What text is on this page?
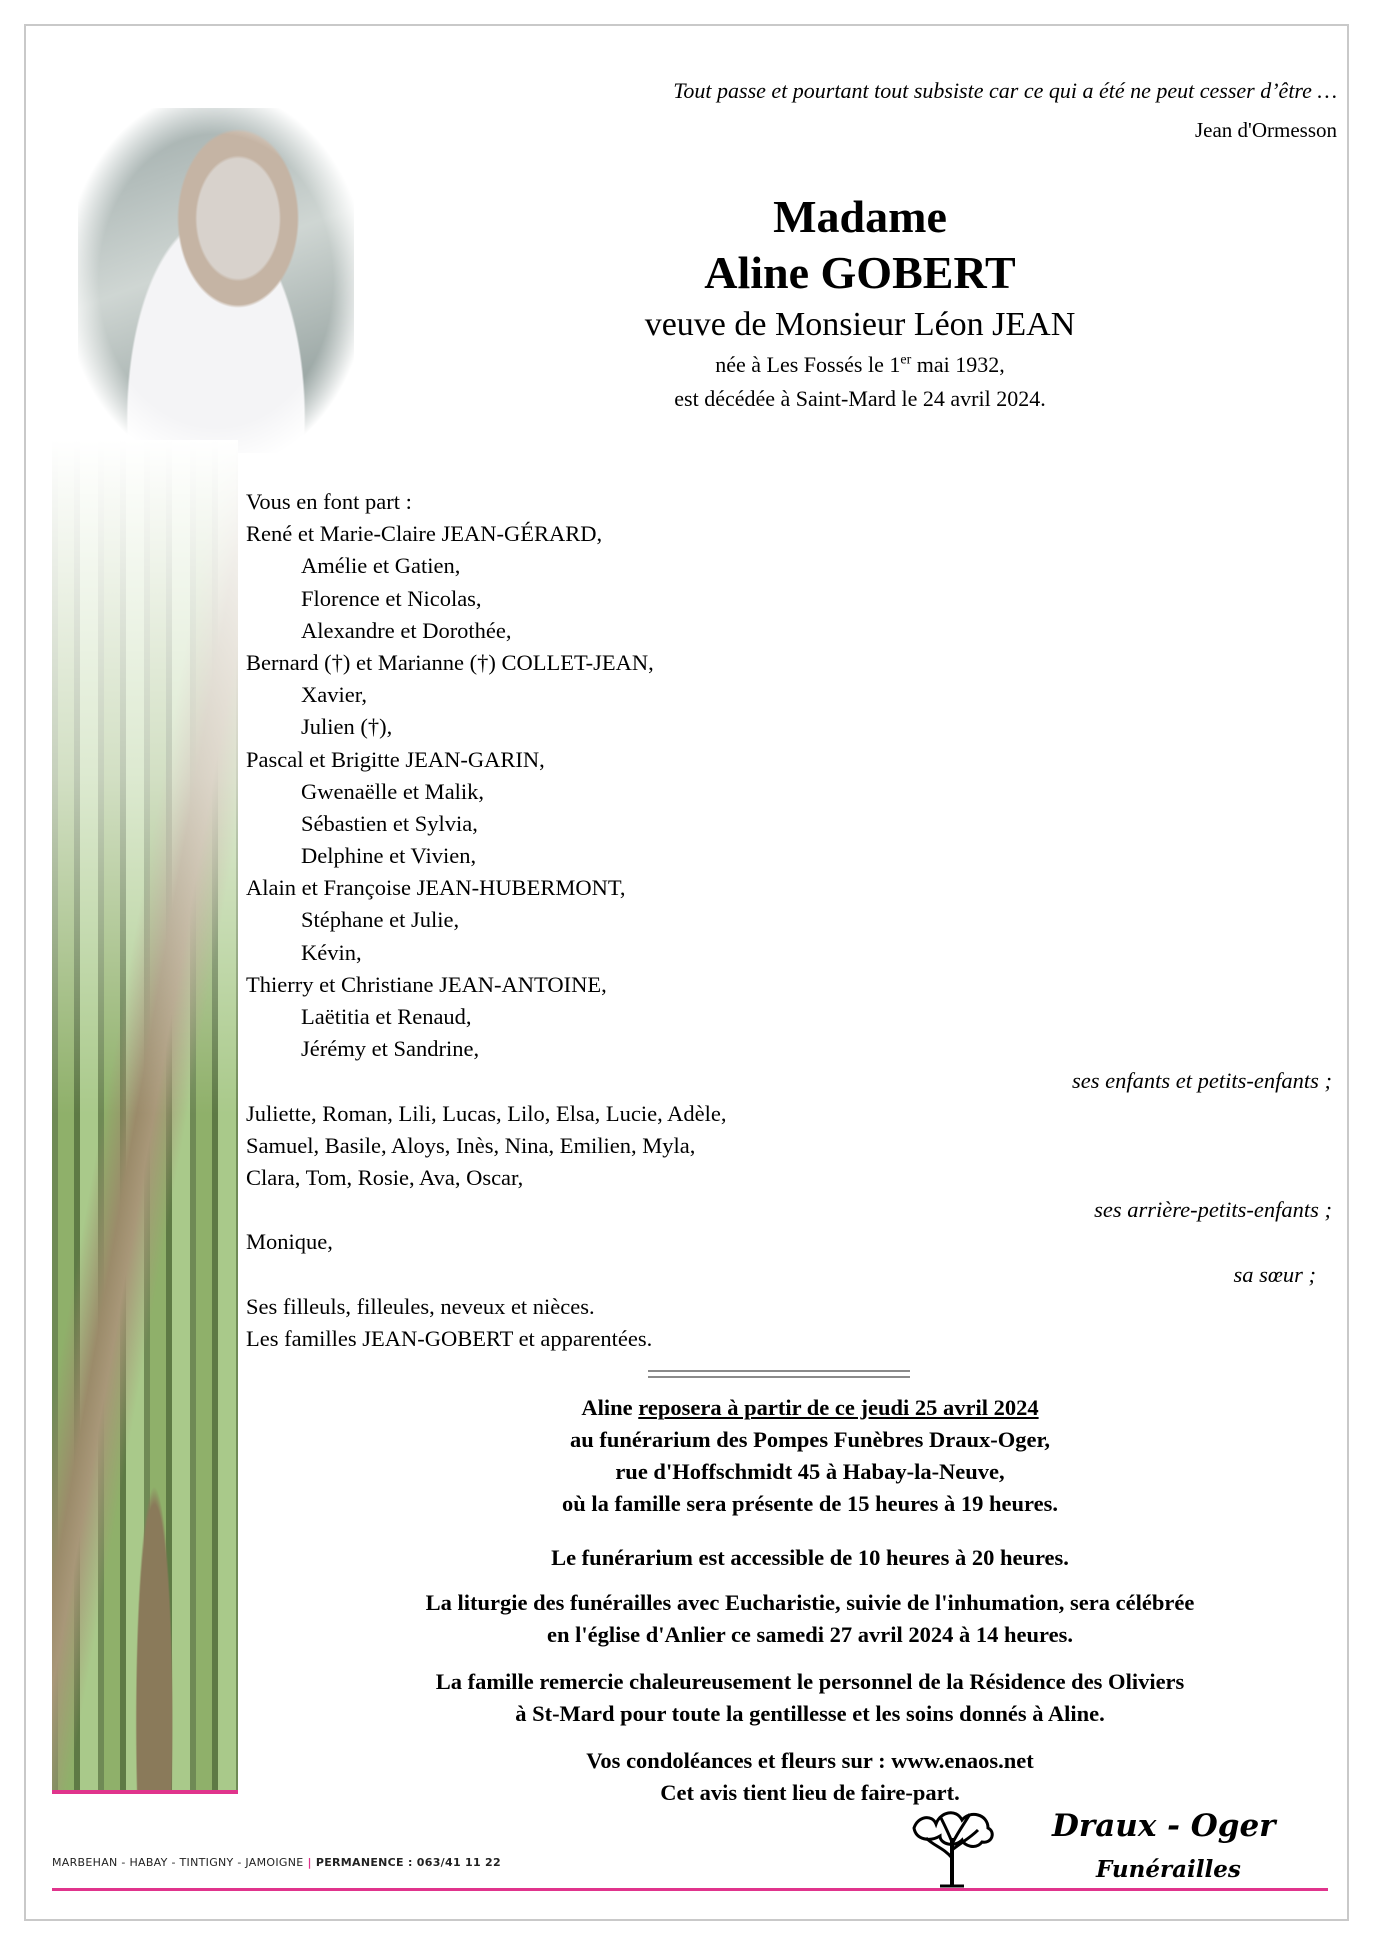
Tout passe et pourtant tout subsiste car ce qui a été ne peut cesser d’être …
Jean d'Ormesson
Madame
Aline GOBERT
veuve de Monsieur Léon JEAN
née à Les Fossés le 1er mai 1932,
est décédée à Saint-Mard le 24 avril 2024.
Vous en font part :
René et Marie-Claire JEAN-GÉRARD,
Amélie et Gatien,
Florence et Nicolas,
Alexandre et Dorothée,
Bernard (†) et Marianne (†) COLLET-JEAN,
Xavier,
Julien (†),
Pascal et Brigitte JEAN-GARIN,
Gwenaëlle et Malik,
Sébastien et Sylvia,
Delphine et Vivien,
Alain et Françoise JEAN-HUBERMONT,
Stéphane et Julie,
Kévin,
Thierry et Christiane JEAN-ANTOINE,
Laëtitia et Renaud,
Jérémy et Sandrine,
ses enfants et petits-enfants ;
Juliette, Roman, Lili, Lucas, Lilo, Elsa, Lucie, Adèle,
Samuel, Basile, Aloys, Inès, Nina, Emilien, Myla,
Clara, Tom, Rosie, Ava, Oscar,
ses arrière-petits-enfants ;
Monique,
sa sœur ;
Ses filleuls, filleules, neveux et nièces.
Les familles JEAN-GOBERT et apparentées.
Aline reposera à partir de ce jeudi 25 avril 2024
au funérarium des Pompes Funèbres Draux-Oger,
rue d'Hoffschmidt 45 à Habay-la-Neuve,
où la famille sera présente de 15 heures à 19 heures.
Le funérarium est accessible de 10 heures à 20 heures.
La liturgie des funérailles avec Eucharistie, suivie de l'inhumation, sera célébrée
en l'église d'Anlier ce samedi 27 avril 2024 à 14 heures.
La famille remercie chaleureusement le personnel de la Résidence des Oliviers
à St-Mard pour toute la gentillesse et les soins donnés à Aline.
Vos condoléances et fleurs sur : www.enaos.net
Cet avis tient lieu de faire-part.
MARBEHAN - HABAY - TINTIGNY - JAMOIGNE | PERMANENCE : 063/41 11 22
Draux - Oger
Funérailles
